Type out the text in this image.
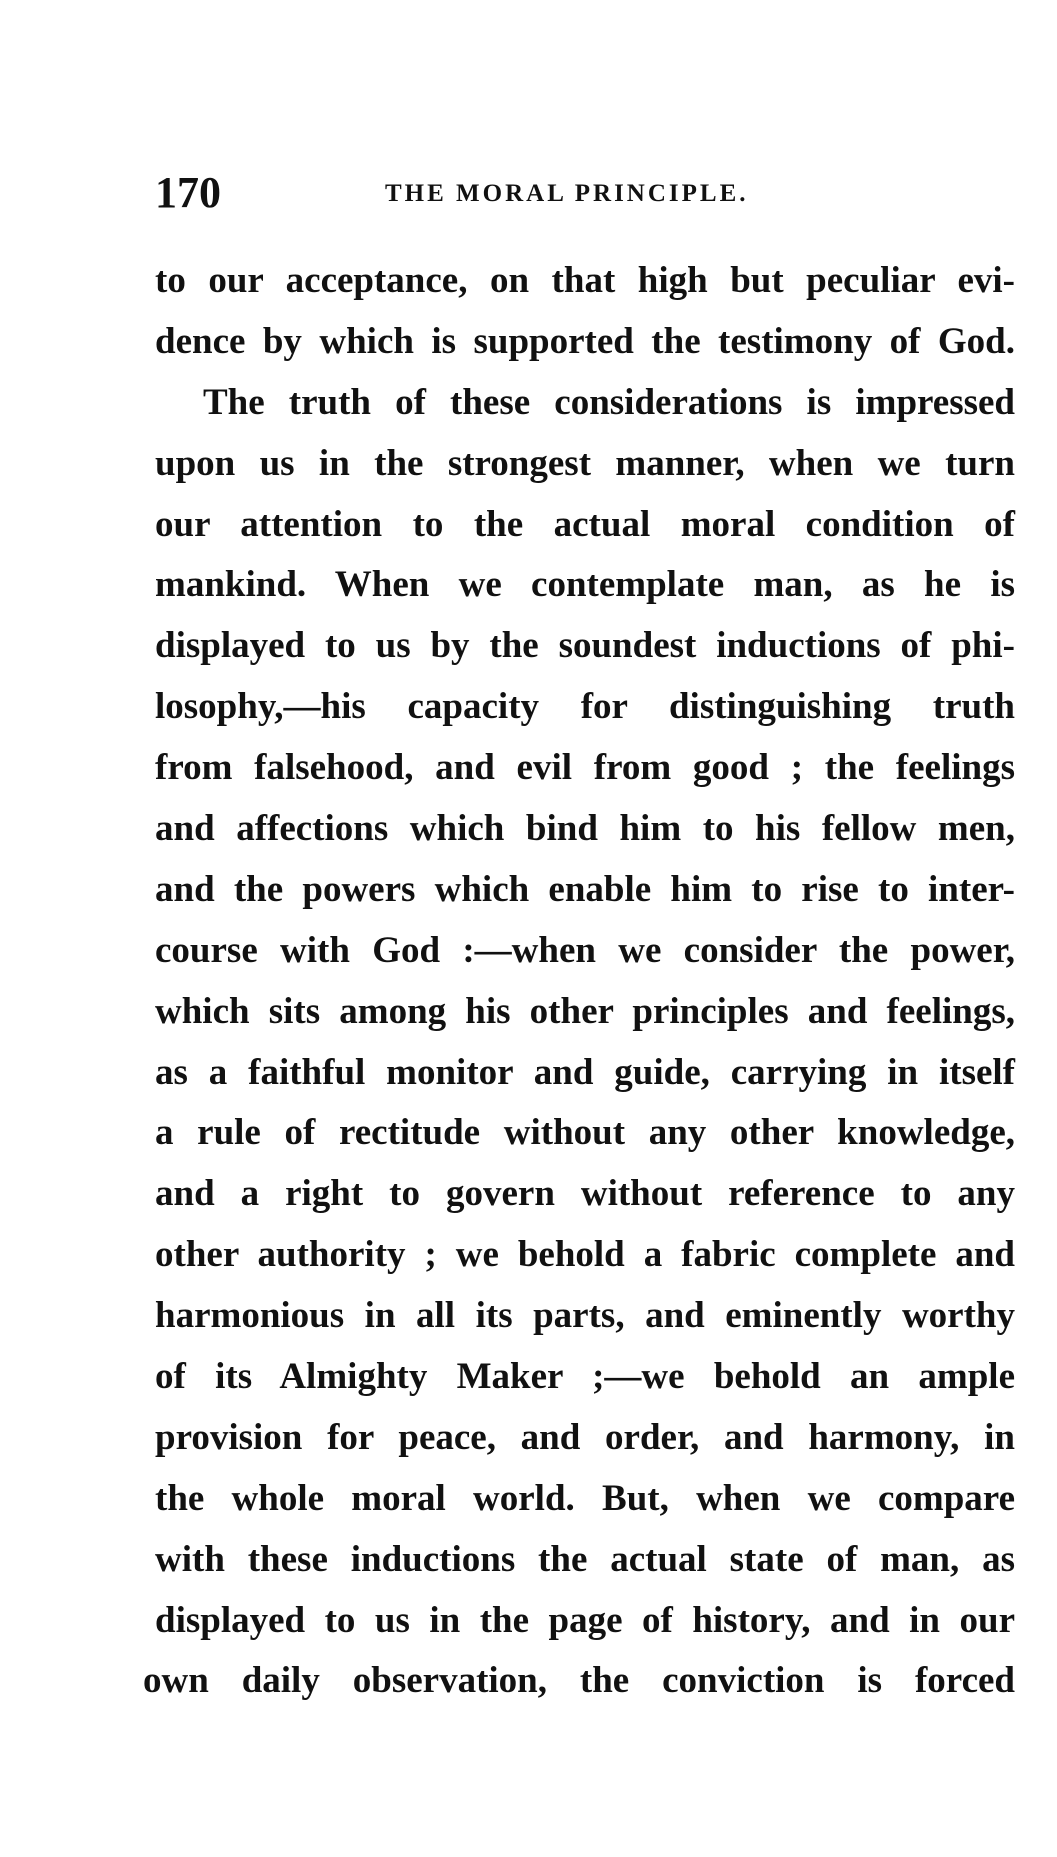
170	THE MORAL PRINCIPLE.
to our acceptance, on that high but peculiar evi-
dence by which is supported the testimony of God.
The truth of these considerations is impressed
upon us in the strongest manner, when we turn
our attention to the actual moral condition of
mankind. When we contemplate man, as he is
displayed to us by the soundest inductions of phi-
losophy,—his capacity for distinguishing truth
from falsehood, and evil from good ; the feelings
and affections which bind him to his fellow men,
and the powers which enable him to rise to inter-
course with God :—when we consider the power,
which sits among his other principles and feelings,
as a faithful monitor and guide, carrying in itself
a rule of rectitude without any other knowledge,
and a right to govern without reference to any
other authority ; we behold a fabric complete and
harmonious in all its parts, and eminently worthy
of its Almighty Maker ;—we behold an ample
provision for peace, and order, and harmony, in
the whole moral world. But, when we compare
with these inductions the actual state of man, as
displayed to us in the page of history, and in our
own daily observation, the conviction is forced
